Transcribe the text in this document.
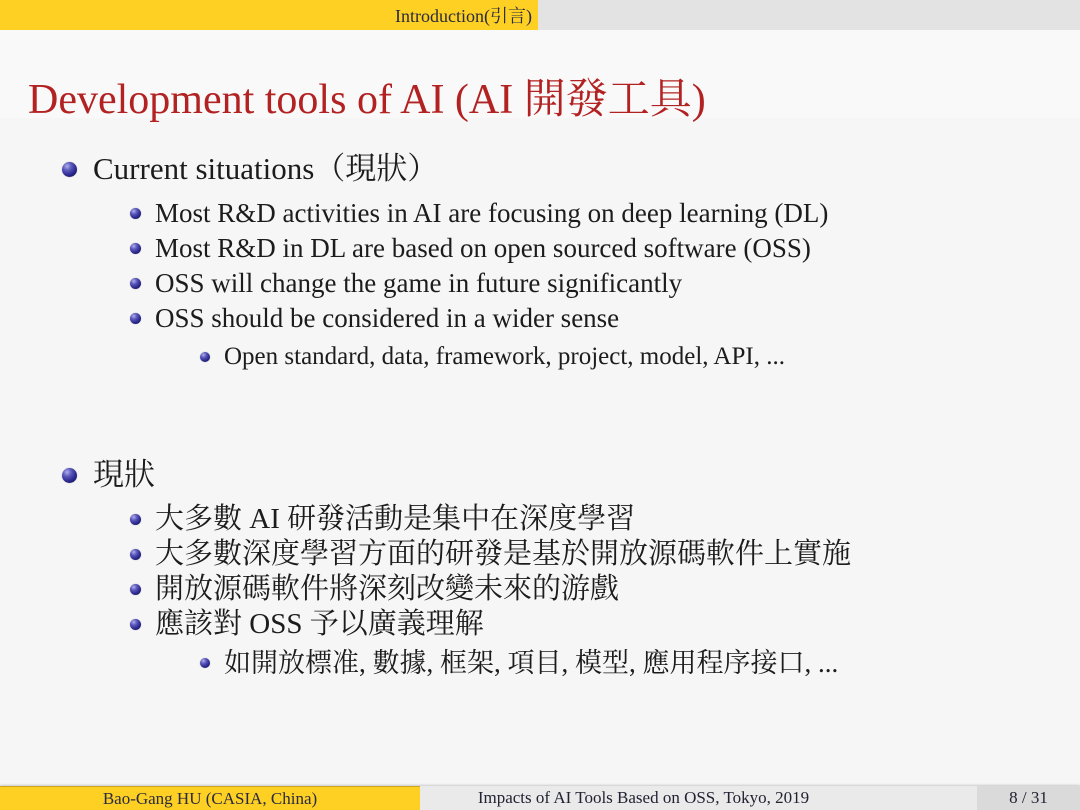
Introduction(引言)
Development tools of AI (AI 開發工具)
Current situations（現狀）
Most R&D activities in AI are focusing on deep learning (DL)
Most R&D in DL are based on open sourced software (OSS)
OSS will change the game in future significantly
OSS should be considered in a wider sense
Open standard, data, framework, project, model, API, ...
現狀
大多數 AI 研發活動是集中在深度學習
大多數深度學習方面的研發是基於開放源碼軟件上實施
開放源碼軟件將深刻改變未來的游戲
應該對 OSS 予以廣義理解
如開放標准, 數據, 框架, 項目, 模型, 應用程序接口, ...
Bao-Gang HU (CASIA, China)	Impacts of AI Tools Based on OSS, Tokyo, 2019	8 / 31
